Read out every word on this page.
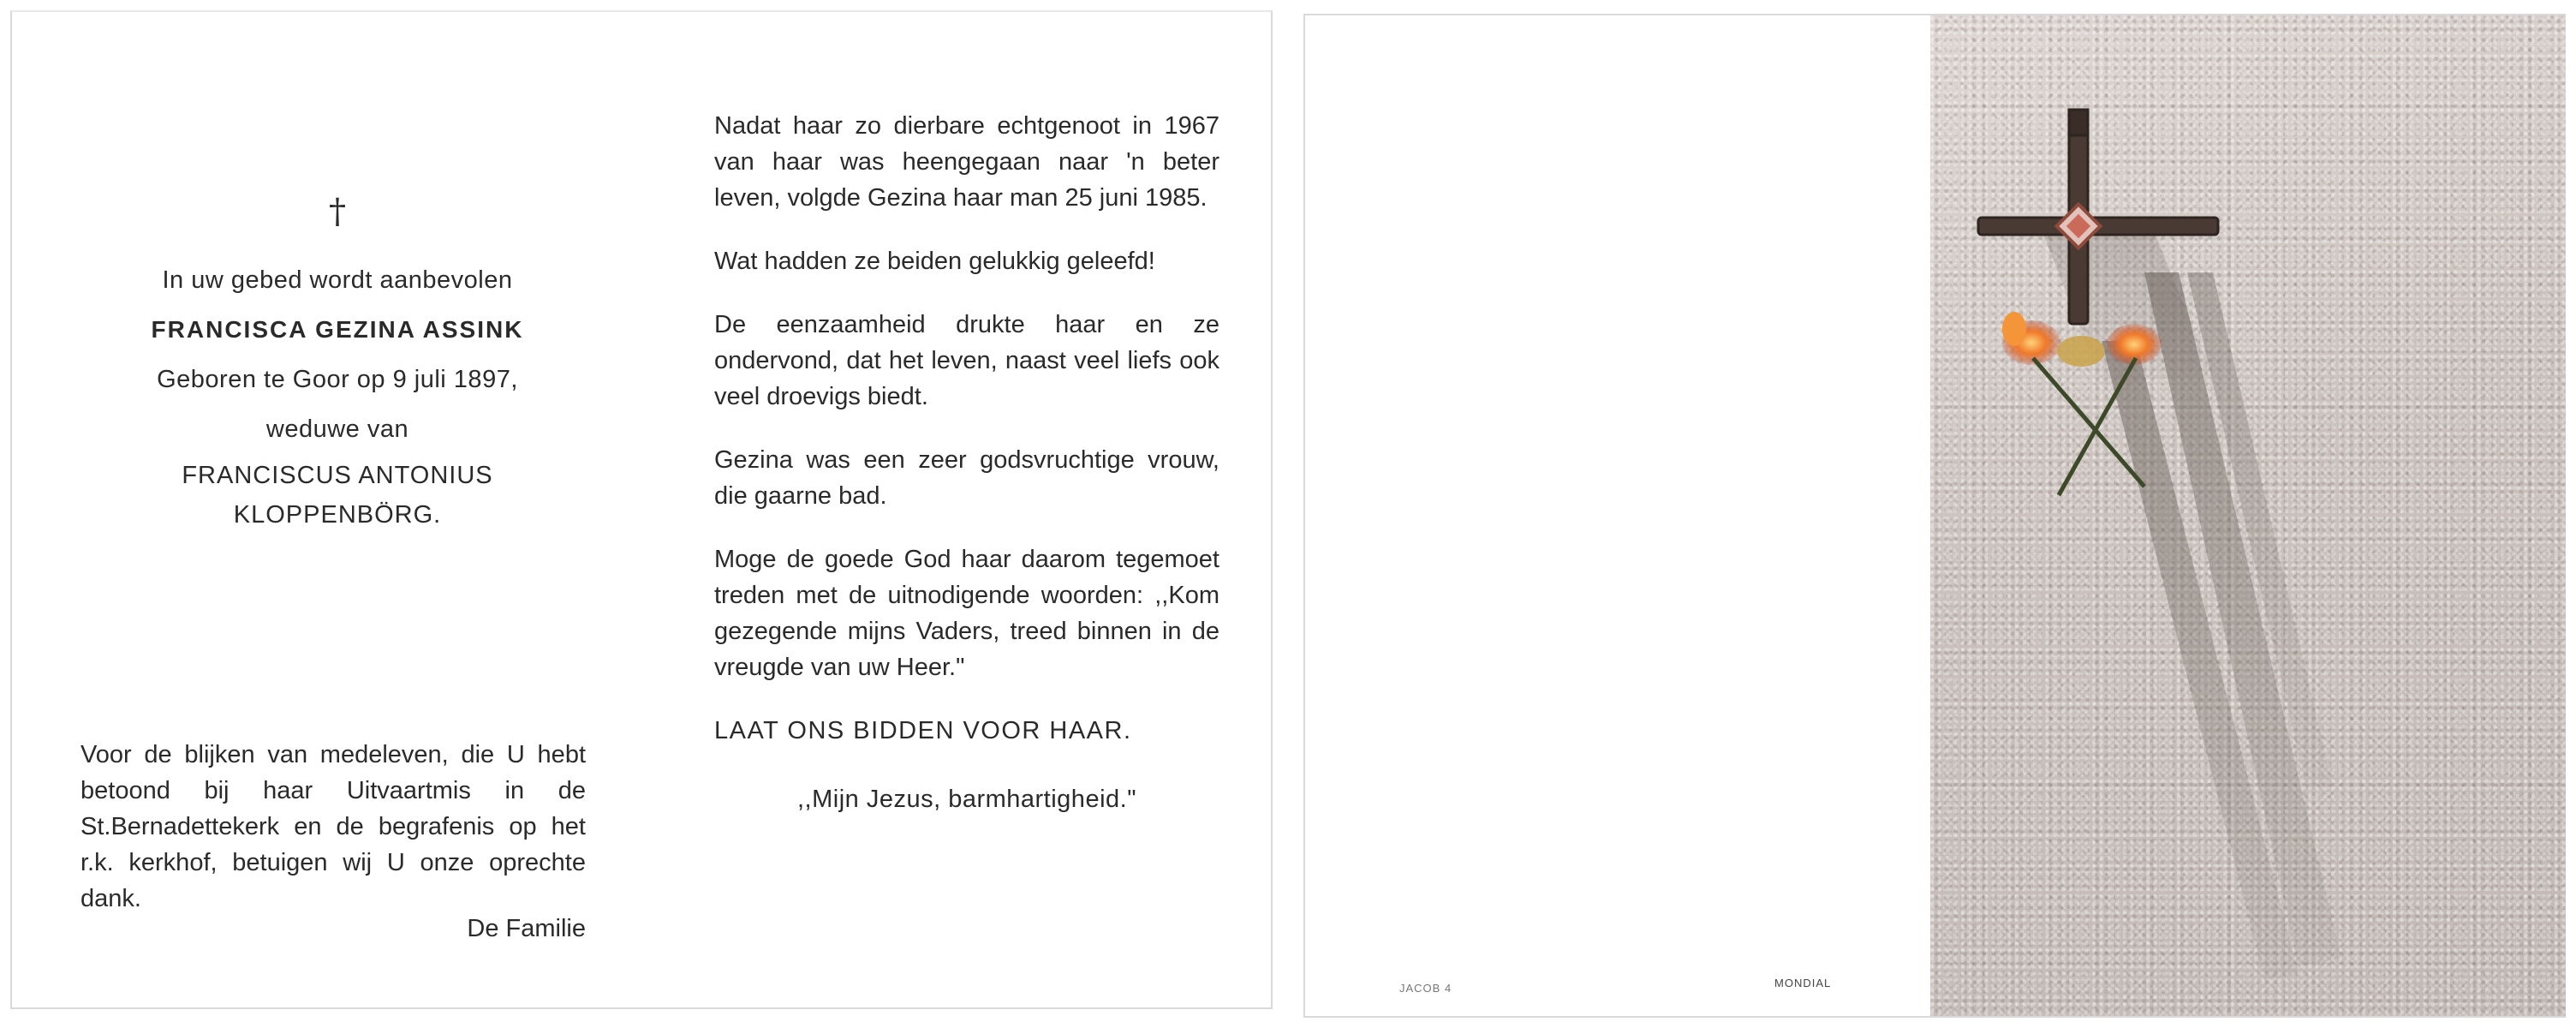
†
In uw gebed wordt aanbevolen
FRANCISCA GEZINA ASSINK
Geboren te Goor op 9 juli 1897,
weduwe van
FRANCISCUS ANTONIUS
KLOPPENBÖRG.
Voor de blijken van medeleven, die U hebt betoond bij haar Uitvaartmis in de St.Bernadettekerk en de begrafenis op het r.k. kerkhof, betuigen wij U onze oprechte dank.
De Familie

Nadat haar zo dierbare echtgenoot in 1967 van haar was heengegaan naar 'n beter leven, volgde Gezina haar man 25 juni 1985.

Wat hadden ze beiden gelukkig geleefd!

De eenzaamheid drukte haar en ze ondervond, dat het leven, naast veel liefs ook veel droevigs biedt.

Gezina was een zeer godsvruchtige vrouw, die gaarne bad.

Moge de goede God haar daarom tegemoet treden met de uitnodigende woorden: ,,Kom gezegende mijns Vaders, treed binnen in de vreugde van uw Heer."

LAAT ONS BIDDEN VOOR HAAR.

,,Mijn Jezus, barmhartigheid."

JACOB 4	MONDIAL
